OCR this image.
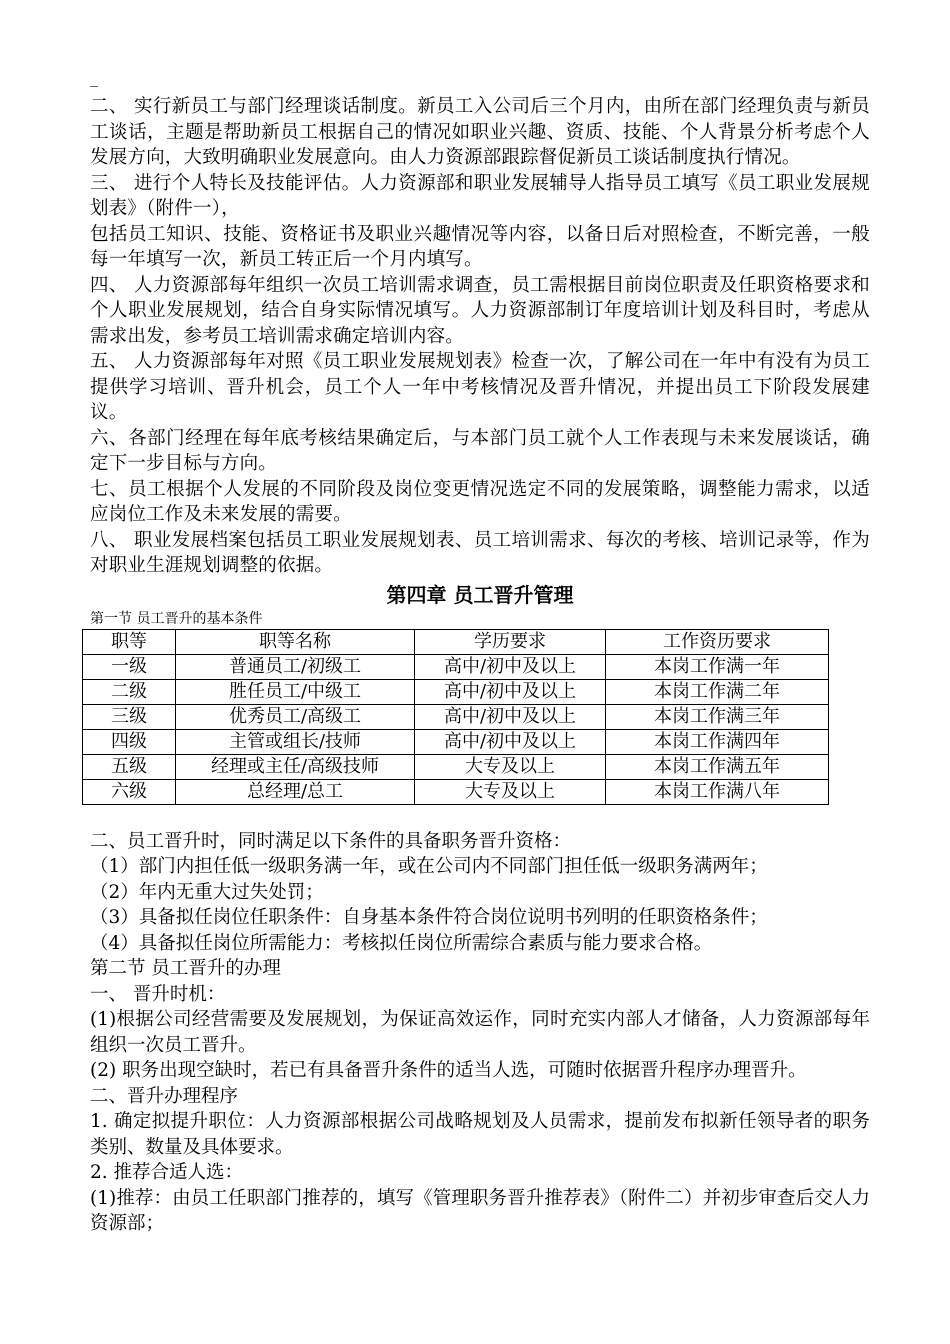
_

二、 实行新员工与部门经理谈话制度。新员工入公司后三个月内，由所在部门经理负责与新员工谈话，主题是帮助新员工根据自己的情况如职业兴趣、资质、技能、个人背景分析考虑个人发展方向，大致明确职业发展意向。由人力资源部跟踪督促新员工谈话制度执行情况。

三、 进行个人特长及技能评估。人力资源部和职业发展辅导人指导员工填写《员工职业发展规划表》（附件一），

包括员工知识、技能、资格证书及职业兴趣情况等内容，以备日后对照检查，不断完善，一般每一年填写一次，新员工转正后一个月内填写。

四、 人力资源部每年组织一次员工培训需求调查，员工需根据目前岗位职责及任职资格要求和个人职业发展规划，结合自身实际情况填写。人力资源部制订年度培训计划及科目时，考虑从需求出发，参考员工培训需求确定培训内容。

五、 人力资源部每年对照《员工职业发展规划表》检查一次，了解公司在一年中有没有为员工提供学习培训、晋升机会，员工个人一年中考核情况及晋升情况，并提出员工下阶段发展建议。

六、各部门经理在每年底考核结果确定后，与本部门员工就个人工作表现与未来发展谈话，确定下一步目标与方向。

七、员工根据个人发展的不同阶段及岗位变更情况选定不同的发展策略，调整能力需求，以适应岗位工作及未来发展的需要。

八、 职业发展档案包括员工职业发展规划表、员工培训需求、每次的考核、培训记录等，作为对职业生涯规划调整的依据。

第四章 员工晋升管理

第一节 员工晋升的基本条件

职等	职等名称	学历要求	工作资历要求
一级	普通员工/初级工	高中/初中及以上	本岗工作满一年
二级	胜任员工/中级工	高中/初中及以上	本岗工作满二年
三级	优秀员工/高级工	高中/初中及以上	本岗工作满三年
四级	主管或组长/技师	高中/初中及以上	本岗工作满四年
五级	经理或主任/高级技师	大专及以上	本岗工作满五年
六级	总经理/总工	大专及以上	本岗工作满八年

二、员工晋升时，同时满足以下条件的具备职务晋升资格：

（1）部门内担任低一级职务满一年，或在公司内不同部门担任低一级职务满两年；

（2）年内无重大过失处罚；

（3）具备拟任岗位任职条件：自身基本条件符合岗位说明书列明的任职资格条件；

（4）具备拟任岗位所需能力：考核拟任岗位所需综合素质与能力要求合格。

第二节 员工晋升的办理

一、 晋升时机：

(1)根据公司经营需要及发展规划，为保证高效运作，同时充实内部人才储备，人力资源部每年组织一次员工晋升。

(2) 职务出现空缺时，若已有具备晋升条件的适当人选，可随时依据晋升程序办理晋升。

二、晋升办理程序

1. 确定拟提升职位：人力资源部根据公司战略规划及人员需求，提前发布拟新任领导者的职务类别、数量及具体要求。

2. 推荐合适人选：

(1)推荐：由员工任职部门推荐的，填写《管理职务晋升推荐表》（附件二）并初步审查后交人力资源部；
